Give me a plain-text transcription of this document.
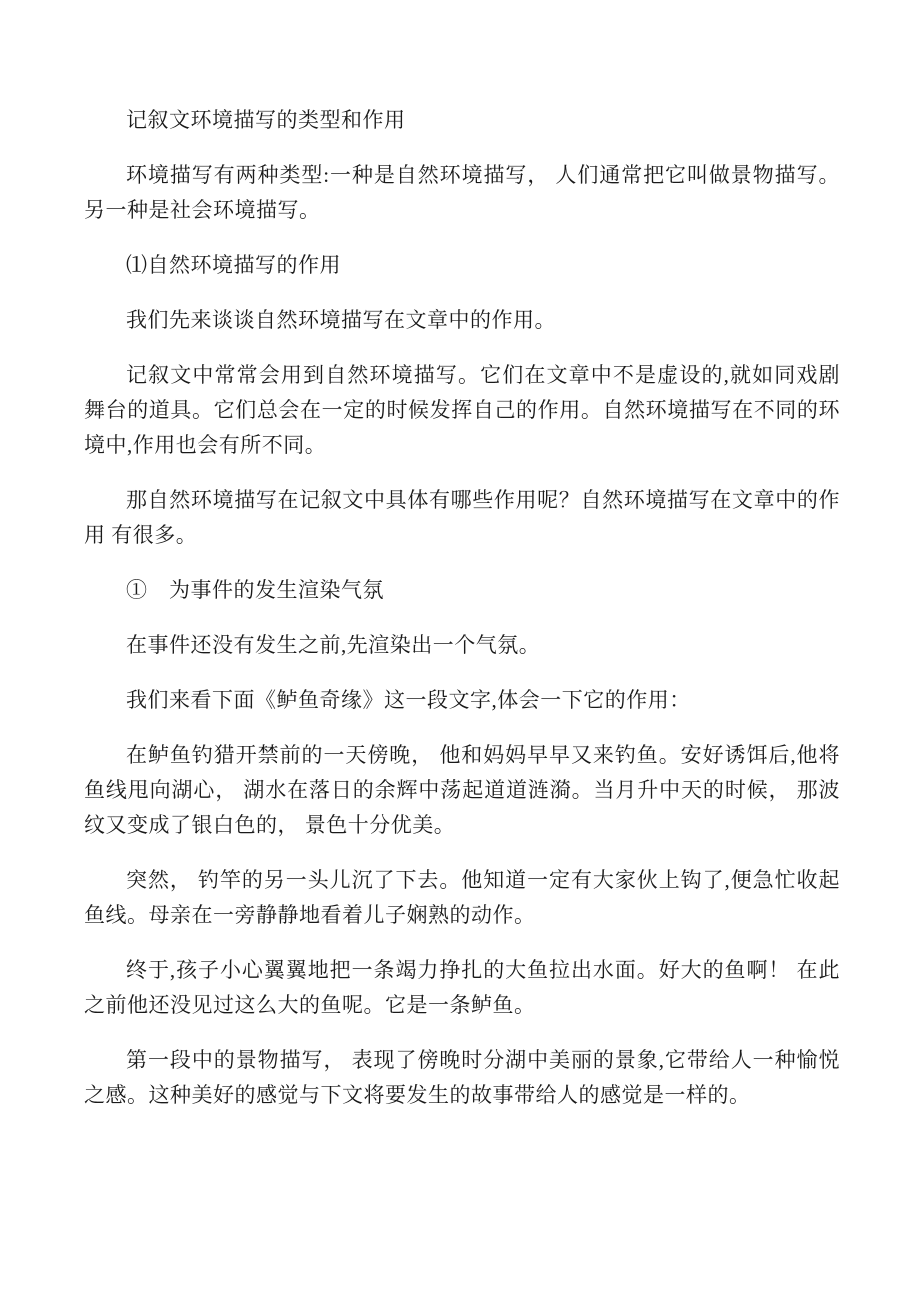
记叙文环境描写的类型和作用

环境描写有两种类型:一种是自然环境描写， 人们通常把它叫做景物描写。另一种是社会环境描写。

⑴自然环境描写的作用

我们先来谈谈自然环境描写在文章中的作用。

记叙文中常常会用到自然环境描写。它们在文章中不是虚设的,就如同戏剧舞台的道具。它们总会在一定的时候发挥自己的作用。自然环境描写在不同的环境中,作用也会有所不同。

那自然环境描写在记叙文中具体有哪些作用呢？自然环境描写在文章中的作用 有很多。

①　为事件的发生渲染气氛

在事件还没有发生之前,先渲染出一个气氛。

我们来看下面《鲈鱼奇缘》这一段文字,体会一下它的作用：

在鲈鱼钓猎开禁前的一天傍晚， 他和妈妈早早又来钓鱼。安好诱饵后,他将鱼线甩向湖心， 湖水在落日的余辉中荡起道道涟漪。当月升中天的时候， 那波纹又变成了银白色的， 景色十分优美。

突然， 钓竿的另一头儿沉了下去。他知道一定有大家伙上钩了,便急忙收起鱼线。母亲在一旁静静地看着儿子娴熟的动作。

终于,孩子小心翼翼地把一条竭力挣扎的大鱼拉出水面。好大的鱼啊！ 在此之前他还没见过这么大的鱼呢。它是一条鲈鱼。

第一段中的景物描写， 表现了傍晚时分湖中美丽的景象,它带给人一种愉悦之感。这种美好的感觉与下文将要发生的故事带给人的感觉是一样的。
